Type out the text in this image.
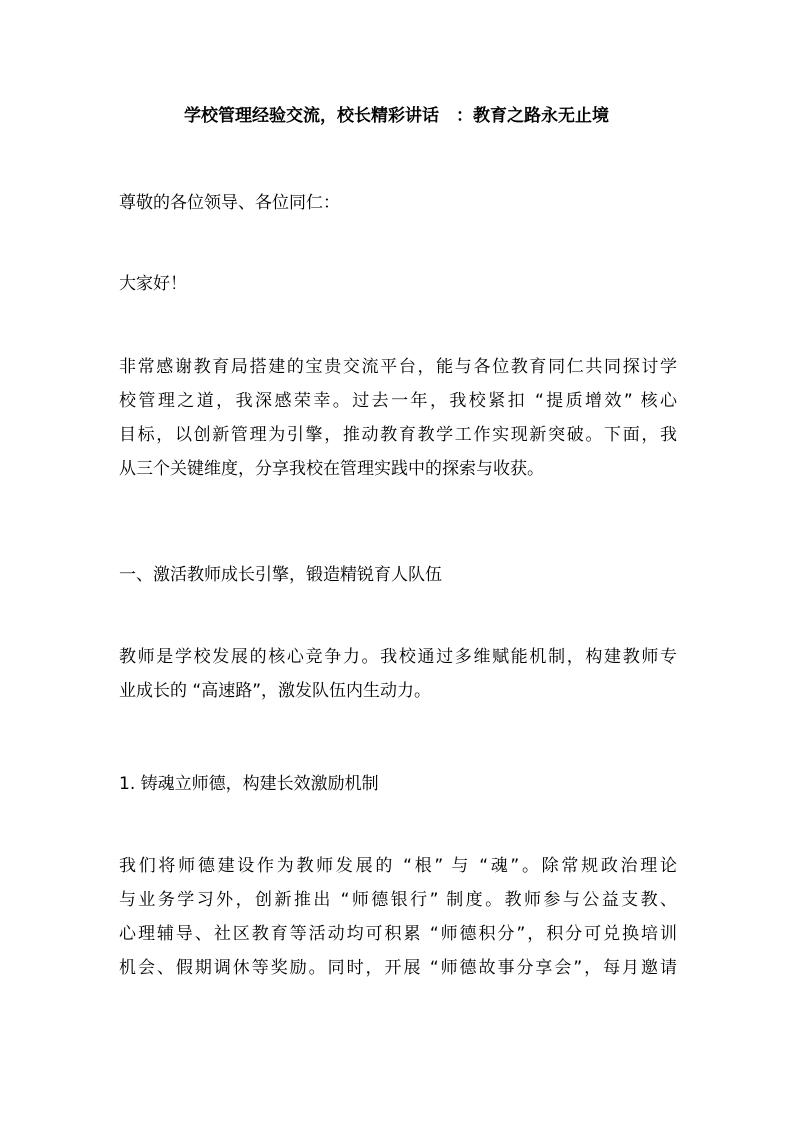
学校管理经验交流，校长精彩讲话　：教育之路永无止境

尊敬的各位领导、各位同仁：

大家好！

非常感谢教育局搭建的宝贵交流平台，能与各位教育同仁共同探讨学
校管理之道，我深感荣幸。过去一年，我校紧扣 “提质增效” 核心
目标，以创新管理为引擎，推动教育教学工作实现新突破。下面，我
从三个关键维度，分享我校在管理实践中的探索与收获。

一、激活教师成长引擎，锻造精锐育人队伍

教师是学校发展的核心竞争力。我校通过多维赋能机制，构建教师专
业成长的 “高速路”，激发队伍内生动力。

1. 铸魂立师德，构建长效激励机制

我们将师德建设作为教师发展的 “根” 与 “魂”。除常规政治理论
与业务学习外，创新推出 “师德银行” 制度。教师参与公益支教、
心理辅导、社区教育等活动均可积累 “师德积分”，积分可兑换培训
机会、假期调休等奖励。同时，开展 “师德故事分享会”，每月邀请
